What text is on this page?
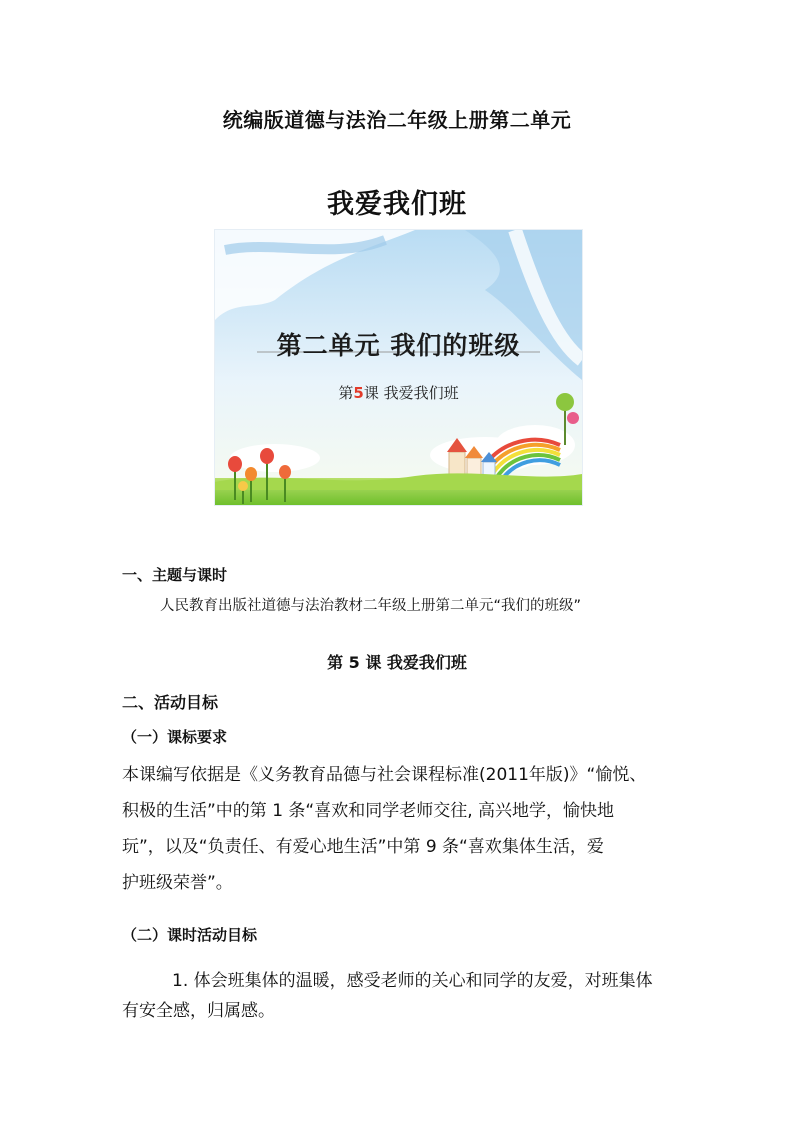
统编版道德与法治二年级上册第二单元
我爱我们班
第二单元 我们的班级
第5课 我爱我们班
一、主题与课时
人民教育出版社道德与法治教材二年级上册第二单元“我们的班级”
第 5 课 我爱我们班
二、活动目标
（一）课标要求
本课编写依据是《义务教育品德与社会课程标准(2011年版)》“愉悦、
积极的生活”中的第 1 条“喜欢和同学老师交往, 高兴地学，愉快地
玩”，以及“负责任、有爱心地生活”中第 9 条“喜欢集体生活，爱
护班级荣誉”。
（二）课时活动目标
1. 体会班集体的温暖，感受老师的关心和同学的友爱，对班集体
有安全感，归属感。
